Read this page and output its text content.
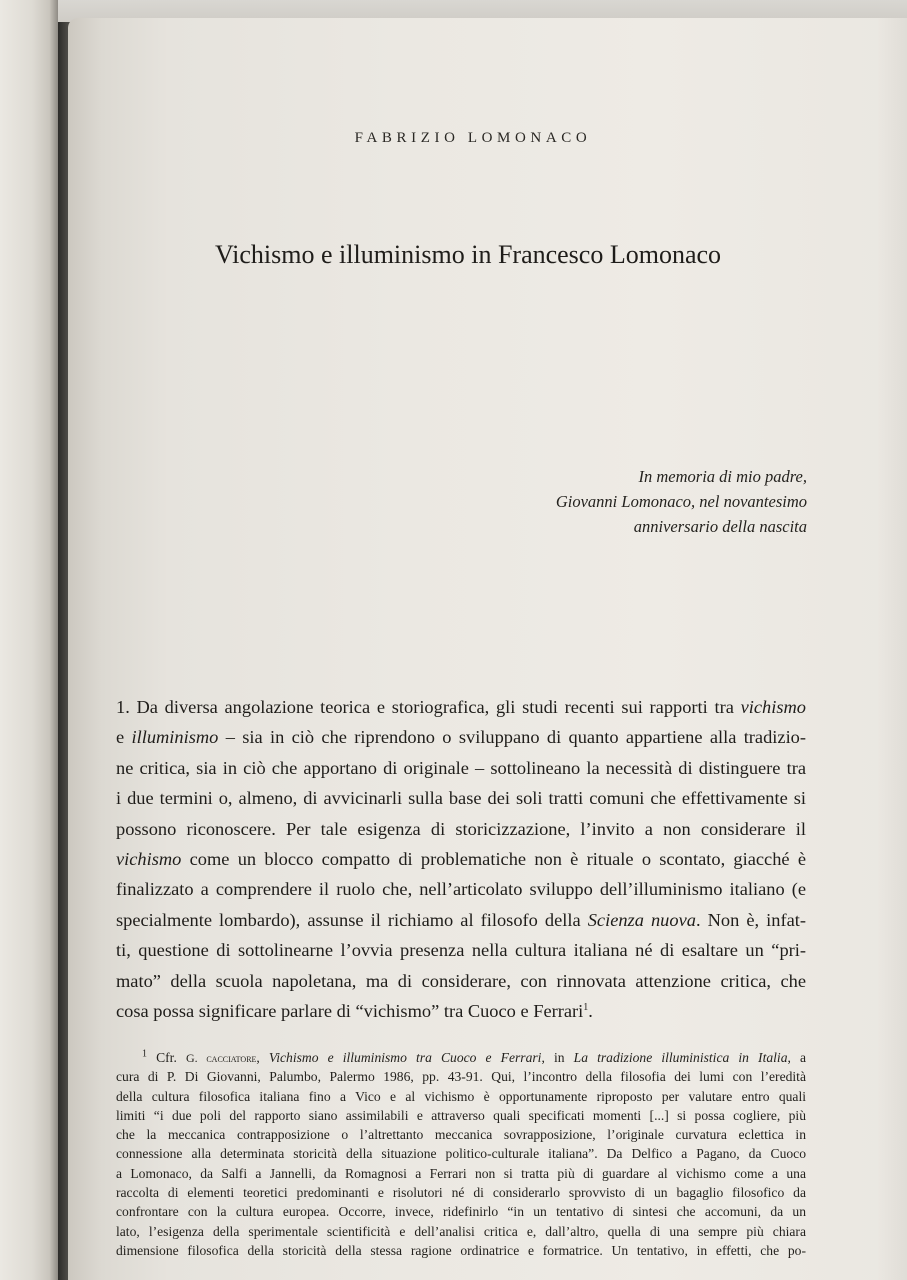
FABRIZIO LOMONACO
Vichismo e illuminismo in Francesco Lomonaco
In memoria di mio padre,
Giovanni Lomonaco, nel novantesimo
anniversario della nascita
1. Da diversa angolazione teorica e storiografica, gli studi recenti sui rapporti tra vichismo
e illuminismo – sia in ciò che riprendono o sviluppano di quanto appartiene alla tradizio-
ne critica, sia in ciò che apportano di originale – sottolineano la necessità di distinguere tra
i due termini o, almeno, di avvicinarli sulla base dei soli tratti comuni che effettivamente si
possono riconoscere. Per tale esigenza di storicizzazione, l’invito a non considerare il
vichismo come un blocco compatto di problematiche non è rituale o scontato, giacché è
finalizzato a comprendere il ruolo che, nell’articolato sviluppo dell’illuminismo italiano (e
specialmente lombardo), assunse il richiamo al filosofo della Scienza nuova. Non è, infat-
ti, questione di sottolinearne l’ovvia presenza nella cultura italiana né di esaltare un “pri-
mato” della scuola napoletana, ma di considerare, con rinnovata attenzione critica, che
cosa possa significare parlare di “vichismo” tra Cuoco e Ferrari$^1$.
$^1$ Cfr. G. cacciatore, Vichismo e illuminismo tra Cuoco e Ferrari, in La tradizione illuministica in Italia, a
cura di P. Di Giovanni, Palumbo, Palermo 1986, pp. 43-91. Qui, l’incontro della filosofia dei lumi con l’eredità
della cultura filosofica italiana fino a Vico e al vichismo è opportunamente riproposto per valutare entro quali
limiti “i due poli del rapporto siano assimilabili e attraverso quali specificati momenti [...] si possa cogliere, più
che la meccanica contrapposizione o l’altrettanto meccanica sovrapposizione, l’originale curvatura eclettica in
connessione alla determinata storicità della situazione politico-culturale italiana”. Da Delfico a Pagano, da Cuoco
a Lomonaco, da Salfi a Jannelli, da Romagnosi a Ferrari non si tratta più di guardare al vichismo come a una
raccolta di elementi teoretici predominanti e risolutori né di considerarlo sprovvisto di un bagaglio filosofico da
confrontare con la cultura europea. Occorre, invece, ridefinirlo “in un tentativo di sintesi che accomuni, da un
lato, l’esigenza della sperimentale scientificità e dell’analisi critica e, dall’altro, quella di una sempre più chiara
dimensione filosofica della storicità della stessa ragione ordinatrice e formatrice. Un tentativo, in effetti, che po-
